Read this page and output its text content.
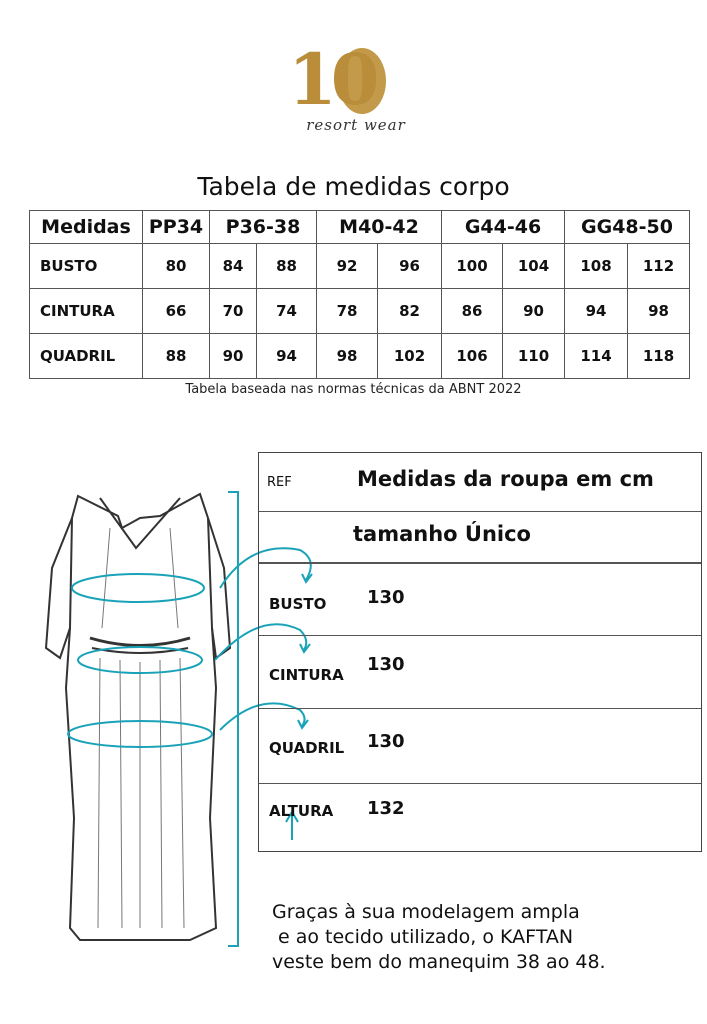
10
resort wear
Tabela de medidas corpo
Medidas	PP34	P36-38		M40-42		G44-46		GG48-50	
BUSTO	80	84	88	92	96	100	104	108	112
CINTURA	66	70	74	78	82	86	90	94	98
QUADRIL	88	90	94	98	102	106	110	114	118
Tabela baseada nas normas técnicas da ABNT 2022
REF	Medidas da roupa em cm
tamanho Único
BUSTO 130
CINTURA 130
QUADRIL 130
ALTURA 132
Graças à sua modelagem ampla
e ao tecido utilizado, o KAFTAN
veste bem do manequim 38 ao 48.
